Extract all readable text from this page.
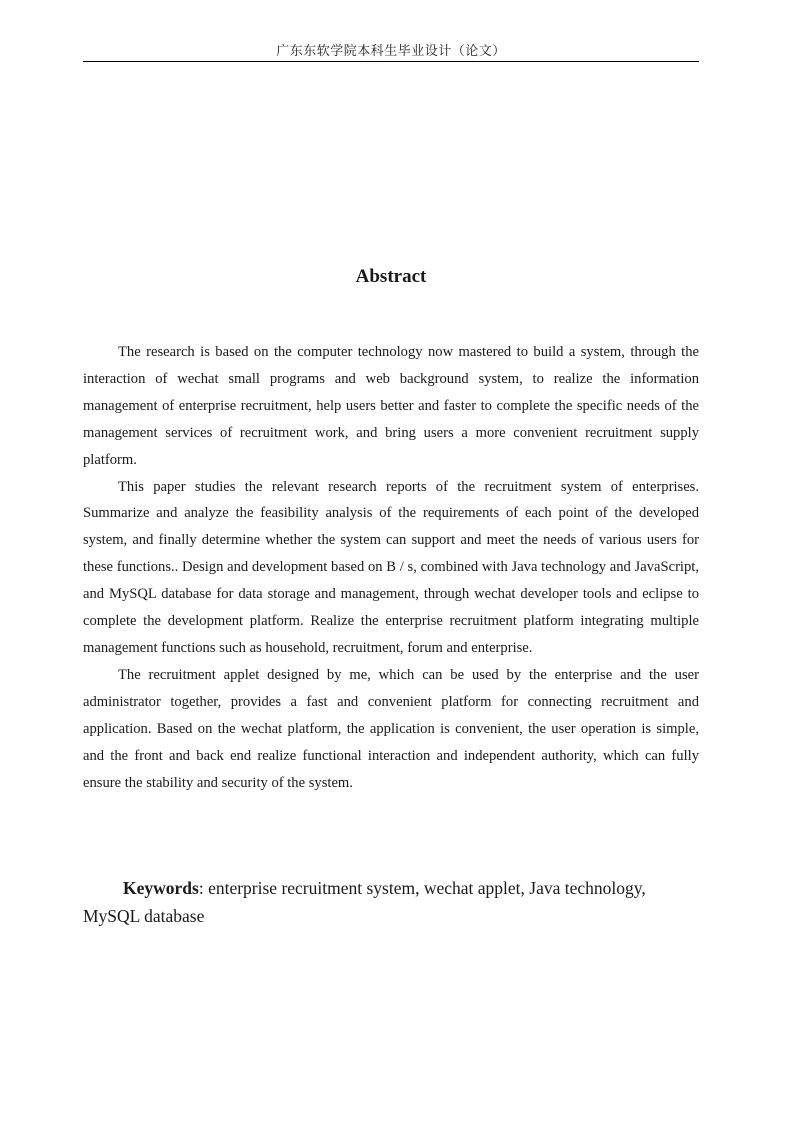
广东东软学院本科生毕业设计（论文）
Abstract

The research is based on the computer technology now mastered to build a system, through the interaction of wechat small programs and web background system, to realize the information management of enterprise recruitment, help users better and faster to complete the specific needs of the management services of recruitment work, and bring users a more convenient recruitment supply platform.

This paper studies the relevant research reports of the recruitment system of enterprises. Summarize and analyze the feasibility analysis of the requirements of each point of the developed system, and finally determine whether the system can support and meet the needs of various users for these functions.. Design and development based on B / s, combined with Java technology and JavaScript, and MySQL database for data storage and management, through wechat developer tools and eclipse to complete the development platform. Realize the enterprise recruitment platform integrating multiple management functions such as household, recruitment, forum and enterprise.

The recruitment applet designed by me, which can be used by the enterprise and the user administrator together, provides a fast and convenient platform for connecting recruitment and application. Based on the wechat platform, the application is convenient, the user operation is simple, and the front and back end realize functional interaction and independent authority, which can fully ensure the stability and security of the system.

Keywords: enterprise recruitment system, wechat applet, Java technology, MySQL database
